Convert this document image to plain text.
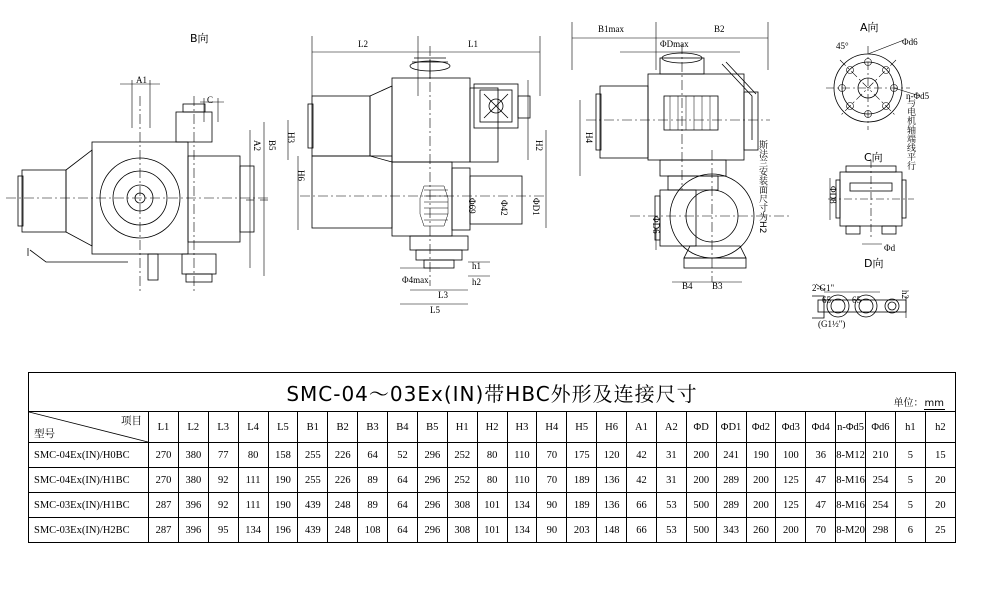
B向
A向
C向
D向
与电机轴端线平行
斯法兰安装面尺寸为H2
2-G1"
(G1½")
A1
C
A2 B5
L2	L1
H3
H6
H2
ΦD1
Φ42
Φ69
Φ4max
h1
h2
L3
L5
B1max	B2
ΦDmax
H4
ΦD6
B4 B3
45°	Φd6
n-Φd5
ΦD8
Φd
65 65
h2
SMC-04～03Ex(IN)带HBC外形及连接尺寸 单位：mm																											

项目
型号	L1	L2	L3	L4	L5	B1	B2	B3	B4	B5	H1	H2	H3	H4	H5	H6	A1	A2	ΦD	ΦD1	Φd2	Φd3	Φd4	n-Φd5	Φd6	h1	h2
SMC-04Ex(IN)/H0BC	270	380	77	80	158	255	226	64	52	296	252	80	110	70	175	120	42	31	200	241	190	100	36	8-M12	210	5	15
SMC-04Ex(IN)/H1BC	270	380	92	111	190	255	226	89	64	296	252	80	110	70	189	136	42	31	200	289	200	125	47	8-M16	254	5	20
SMC-03Ex(IN)/H1BC	287	396	92	111	190	439	248	89	64	296	308	101	134	90	189	136	66	53	500	289	200	125	47	8-M16	254	5	20
SMC-03Ex(IN)/H2BC	287	396	95	134	196	439	248	108	64	296	308	101	134	90	203	148	66	53	500	343	260	200	70	8-M20	298	6	25
